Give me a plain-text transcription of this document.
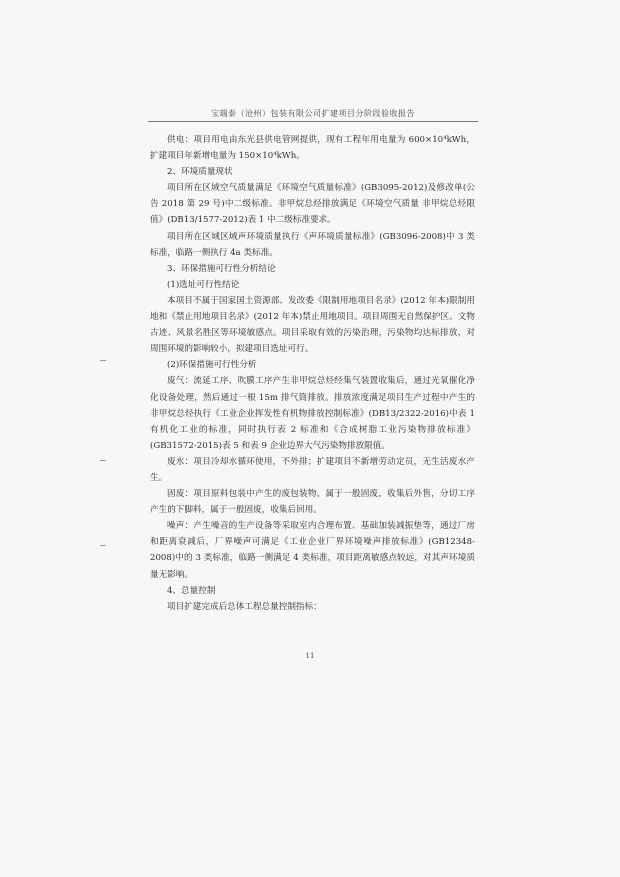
宝瑞泰（沧州）包装有限公司扩建项目分阶段验收报告

供电：项目用电由东光县供电管网提供，现有工程年用电量为 600×10⁴kWh，扩建项目年新增电量为 150×10⁴kWh。

2、环境质量现状

项目所在区域空气质量满足《环境空气质量标准》(GB3095-2012)及修改单(公告 2018 第 29 号)中二级标准。非甲烷总烃排放满足《环境空气质量 非甲烷总烃限值》(DB13/1577-2012)表 1 中二级标准要求。

项目所在区域区域声环境质量执行《声环境质量标准》(GB3096-2008)中 3 类标准，临路一侧执行 4a 类标准。

3、环保措施可行性分析结论

(1)选址可行性结论

本项目不属于国家国土资源部、发改委《限制用地项目名录》(2012 年本)限制用地和《禁止用地项目名录》(2012 年本)禁止用地项目。项目周围无自然保护区、文物古迹、风景名胜区等环境敏感点。项目采取有效的污染治理，污染物均达标排放，对周围环境的影响较小，拟建项目选址可行。

(2)环保措施可行性分析

废气：流延工序、吹膜工序产生非甲烷总烃经集气装置收集后，通过光氧催化净化设备处理，然后通过一根 15m 排气筒排放。排放浓度满足项目生产过程中产生的非甲烷总烃执行《工业企业挥发性有机物排放控制标准》(DB13/2322-2016)中表 1 有机化工业的标准，同时执行表 2 标准和《合成树脂工业污染物排放标准》(GB31572-2015)表 5 和表 9 企业边界大气污染物排放限值。

废水：项目冷却水循环使用，不外排；扩建项目不新增劳动定员，无生活废水产生。

固废：项目原料包装中产生的废包装物，属于一般固废，收集后外售，分切工序产生的下脚料，属于一般固废，收集后回用。

噪声：产生噪音的生产设备等采取室内合理布置、基础加装减振垫等，通过厂房和距离衰减后，厂界噪声可满足《工业企业厂界环境噪声排放标准》(GB12348-2008)中的 3 类标准，临路一侧满足 4 类标准，项目距离敏感点较远，对其声环境质量无影响。

4、总量控制

项目扩建完成后总体工程总量控制指标：

11
